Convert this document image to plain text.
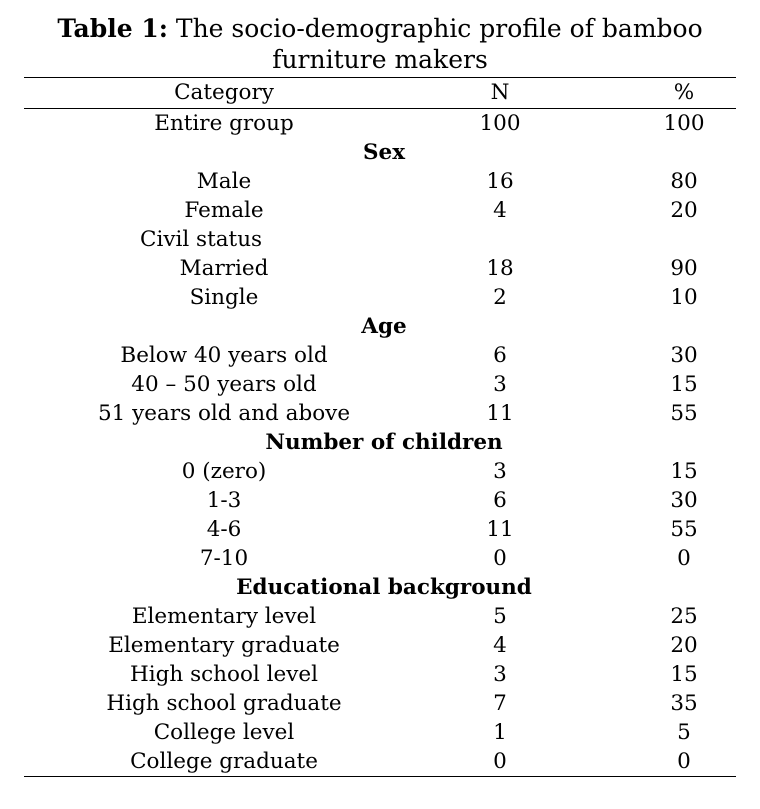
Table 1: The socio-demographic profile of bamboo
furniture makers
Category	N	%
Entire group	100	100
Sex
Male	16	80
Female	4	20
Civil status
Married	18	90
Single	2	10
Age
Below 40 years old	6	30
40 – 50 years old	3	15
51 years old and above	11	55
Number of children
0 (zero)	3	15
1-3	6	30
4-6	11	55
7-10	0	0
Educational background
Elementary level	5	25
Elementary graduate	4	20
High school level	3	15
High school graduate	7	35
College level	1	5
College graduate	0	0
